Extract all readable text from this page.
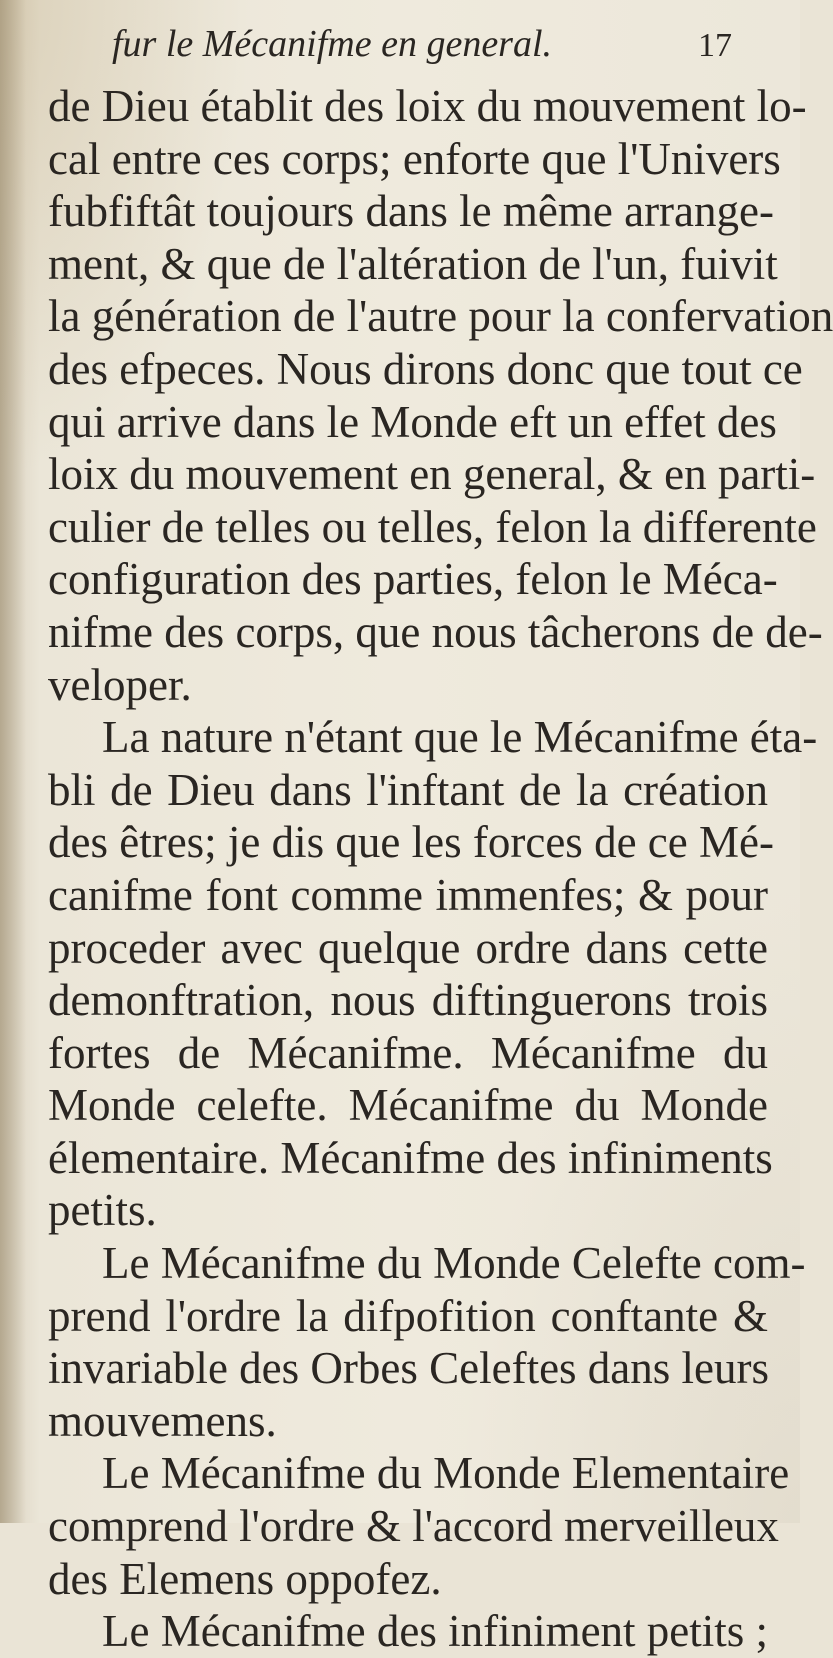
fur le Mécanifme en general.	17
de Dieu établit des loix du mouvement lo-
cal entre ces corps; enforte que l'Univers
fubfiftât toujours dans le même arrange-
ment, & que de l'altération de l'un, fuivit
la génération de l'autre pour la confervation
des efpeces. Nous dirons donc que tout ce
qui arrive dans le Monde eft un effet des
loix du mouvement en general, & en parti-
culier de telles ou telles, felon la differente
configuration des parties, felon le Méca-
nifme des corps, que nous tâcherons de de-
veloper.
La nature n'étant que le Mécanifme éta-
bli de Dieu dans l'inftant de la création
des êtres; je dis que les forces de ce Mé-
canifme font comme immenfes; & pour
proceder avec quelque ordre dans cette
demonftration, nous diftinguerons trois
fortes de Mécanifme. Mécanifme du
Monde celefte. Mécanifme du Monde
élementaire. Mécanifme des infiniments
petits.
Le Mécanifme du Monde Celefte com-
prend l'ordre la difpofition conftante &
invariable des Orbes Celeftes dans leurs
mouvemens.
Le Mécanifme du Monde Elementaire
comprend l'ordre & l'accord merveilleux
des Elemens oppofez.
Le Mécanifme des infiniment petits ;
